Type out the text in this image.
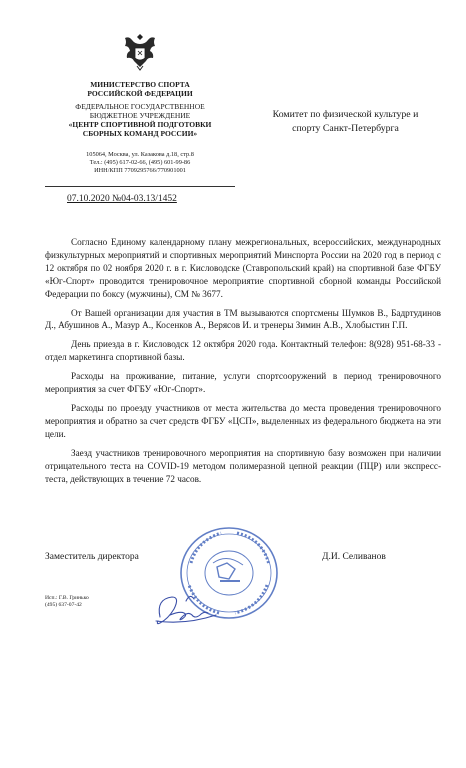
МИНИСТЕРСТВО СПОРТА
РОССИЙСКОЙ ФЕДЕРАЦИИ
ФЕДЕРАЛЬНОЕ ГОСУДАРСТВЕННОЕ
БЮДЖЕТНОЕ УЧРЕЖДЕНИЕ
«ЦЕНТР СПОРТИВНОЙ ПОДГОТОВКИ
СБОРНЫХ КОМАНД РОССИИ»
105064, Москва, ул. Казакова д.18, стр.8
Тел.: (495) 617-02-66, (495) 601-99-86
ИНН/КПП 7709295766/770901001
07.10.2020 №04-03.13/1452
Комитет по физической культуре и
спорту Санкт-Петербурга

Согласно Единому календарному плану межрегиональных, всероссийских, международных физкультурных мероприятий и спортивных мероприятий Минспорта России на 2020 год в период с 12 октября по 02 ноября 2020 г. в г. Кисловодске (Ставропольский край) на спортивной базе ФГБУ «Юг-Спорт» проводится тренировочное мероприятие спортивной сборной команды Российской Федерации по боксу (мужчины), СМ № 3677.

От Вашей организации для участия в ТМ вызываются спортсмены Шумков В., Бадртудинов Д., Абушинов А., Мазур А., Косенков А., Верясов И. и тренеры Зимин А.В., Хлобыстин Г.П.

День приезда в г. Кисловодск 12 октября 2020 года. Контактный телефон: 8(928) 951-68-33 - отдел маркетинга спортивной базы.

Расходы на проживание, питание, услуги спортсооружений в период тренировочного мероприятия за счет ФГБУ «Юг-Спорт».

Расходы по проезду участников от места жительства до места проведения тренировочного мероприятия и обратно за счет средств ФГБУ «ЦСП», выделенных из федерального бюджета на эти цели.

Заезд участников тренировочного мероприятия на спортивную базу возможен при наличии отрицательного теста на COVID-19 методом полимеразной цепной реакции (ПЦР) или экспресс-теста, действующих в течение 72 часов.

Заместитель директора	Д.И. Селиванов
Исп.: Г.В. Гринько
(495) 637-07-42
